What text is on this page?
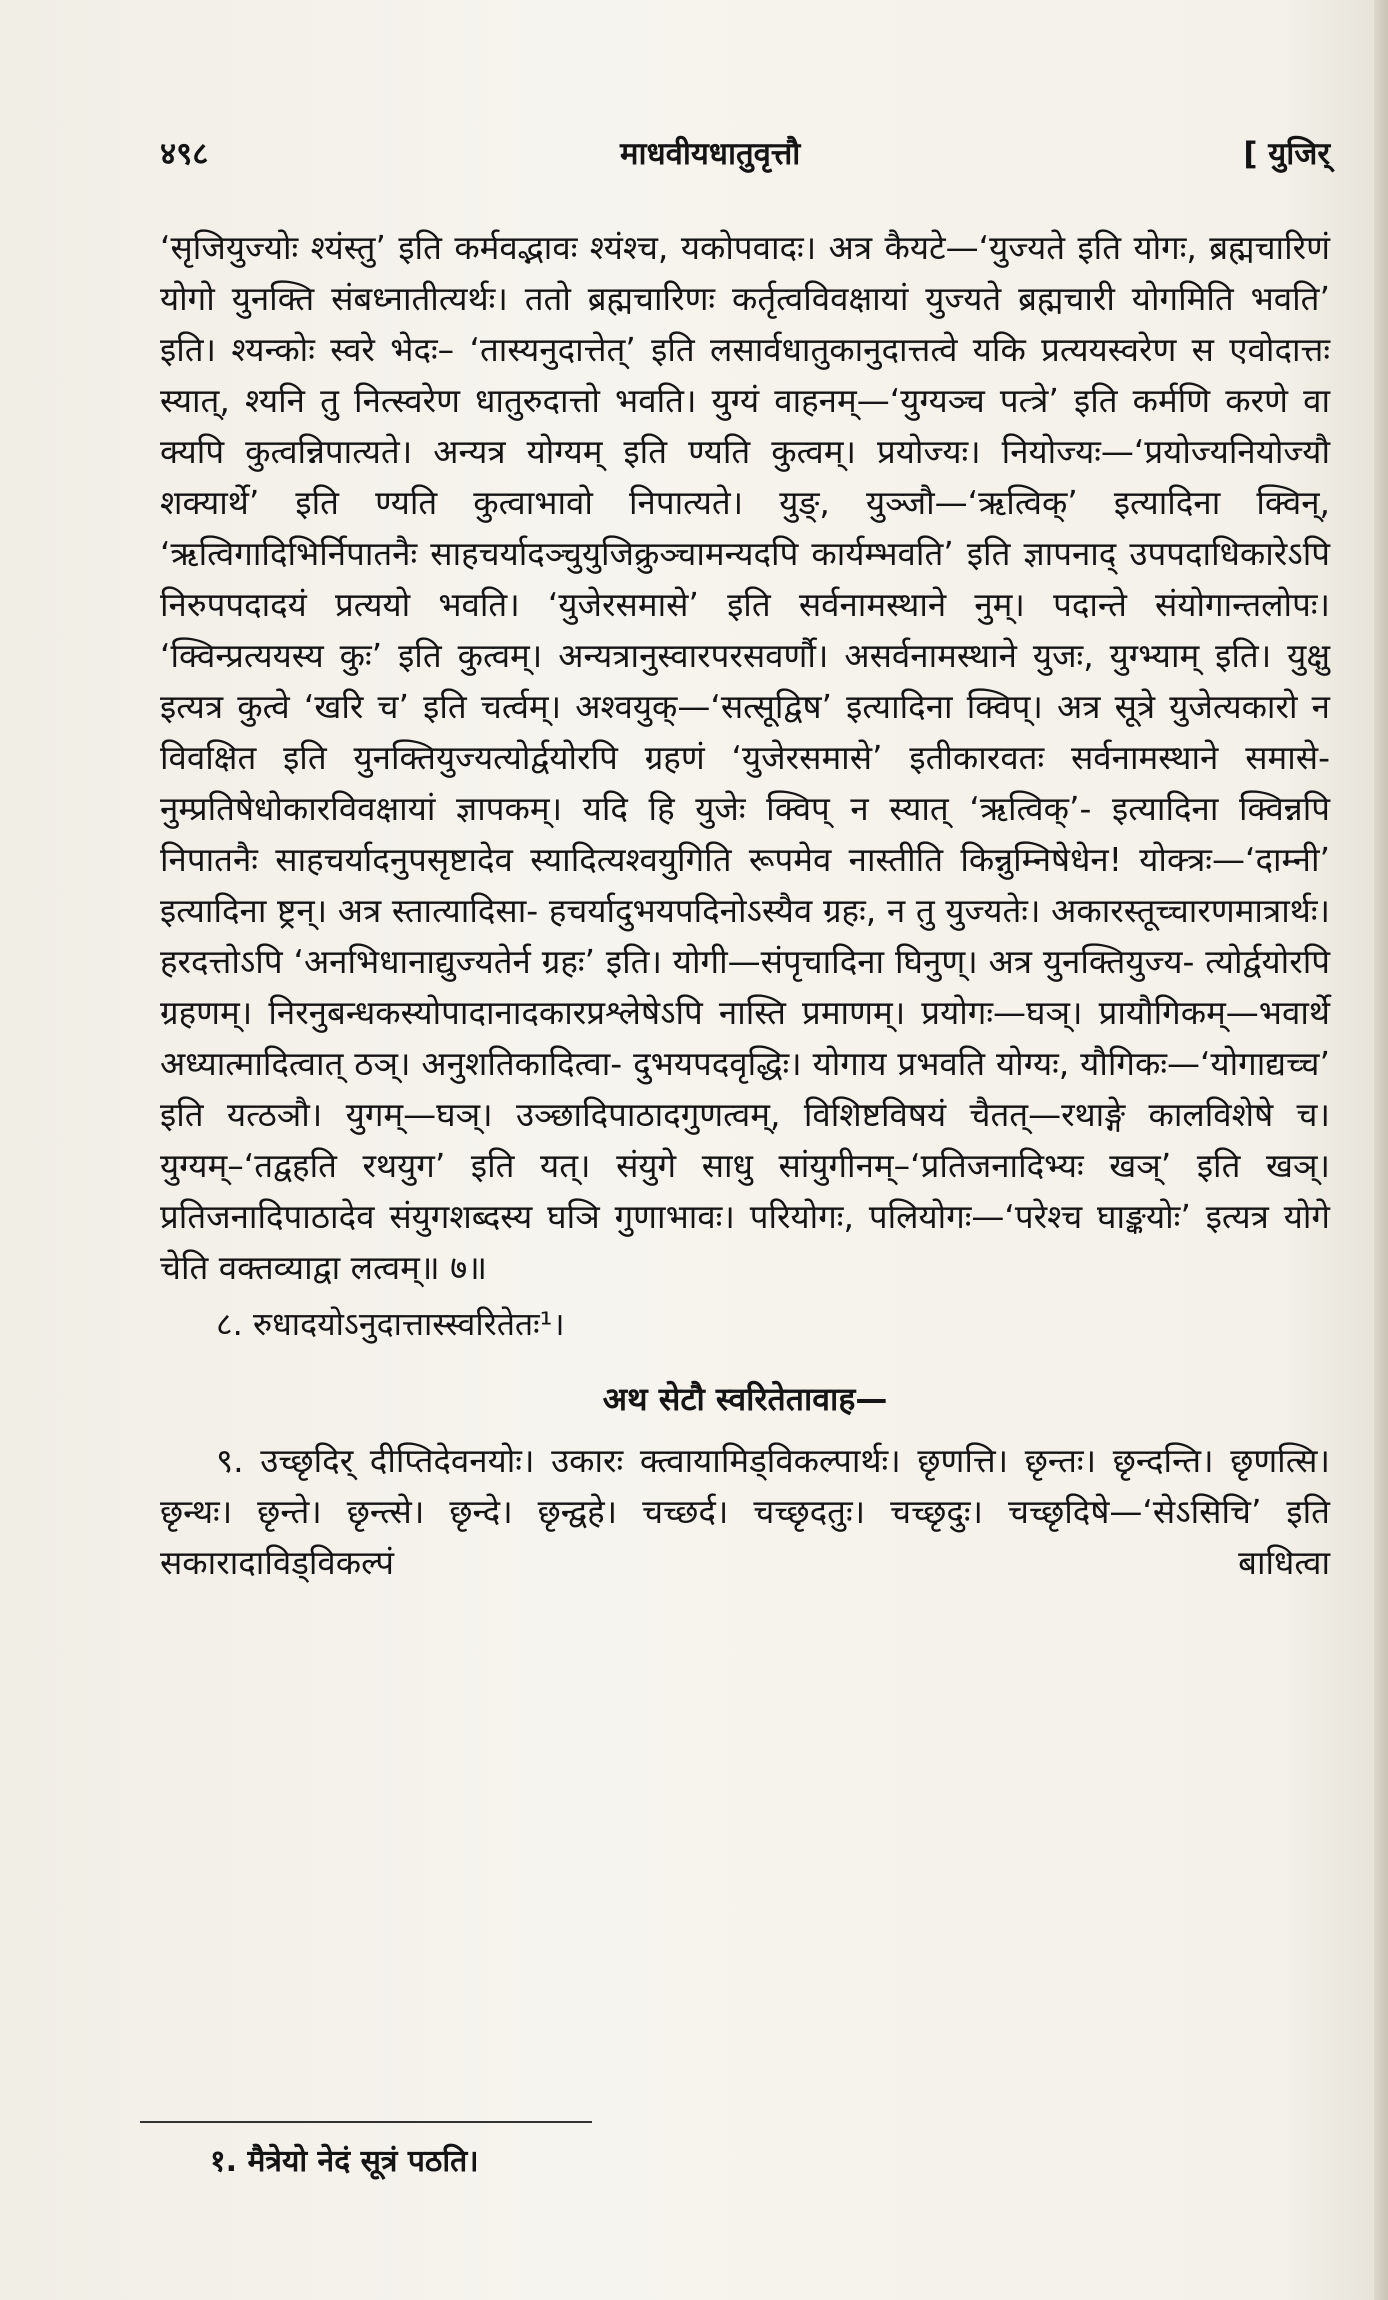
४९८	माधवीयधातुवृत्तौ	[ युजिर्

‘सृजियुज्योः श्यंस्तु’ इति कर्मवद्भावः श्यंश्च, यकोपवादः। अत्र कैयटे—‘युज्यते इति योगः, ब्रह्मचारिणं योगो युनक्ति संबध्नातीत्यर्थः। ततो ब्रह्मचारिणः कर्तृत्वविवक्षायां युज्यते ब्रह्मचारी योगमिति भवति’ इति। श्यन्कोः स्वरे भेदः– ‘तास्यनुदात्तेत्’ इति लसार्वधातुकानुदात्तत्वे यकि प्रत्ययस्वरेण स एवोदात्तः स्यात्, श्यनि तु नित्स्वरेण धातुरुदात्तो भवति। युग्यं वाहनम्—‘युग्यञ्च पत्त्रे’ इति कर्मणि करणे वा क्यपि कुत्वन्निपात्यते। अन्यत्र योग्यम् इति ण्यति कुत्वम्। प्रयोज्यः। नियोज्यः—‘प्रयोज्यनियोज्यौ शक्यार्थे’ इति ण्यति कुत्वाभावो निपात्यते। युङ्, युञ्जौ—‘ऋत्विक्’ इत्यादिना क्विन्, ‘ऋत्विगादिभिर्निपातनैः साहचर्यादञ्चुयुजिक्रुञ्चामन्यदपि कार्यम्भवति’ इति ज्ञापनाद् उपपदाधिकारेऽपि निरुपपदादयं प्रत्ययो भवति। ‘युजेरसमासे’ इति सर्वनामस्थाने नुम्। पदान्ते संयोगान्तलोपः। ‘क्विन्प्रत्ययस्य कुः’ इति कुत्वम्। अन्यत्रानुस्वारपरसवर्णौ। असर्वनामस्थाने युजः, युग्भ्याम् इति। युक्षु इत्यत्र कुत्वे ‘खरि च’ इति चर्त्वम्। अश्वयुक्—‘सत्सूद्विष’ इत्यादिना क्विप्। अत्र सूत्रे युजेत्यकारो न विवक्षित इति युनक्तियुज्यत्योर्द्वयोरपि ग्रहणं ‘युजेरसमासे’ इतीकारवतः सर्वनामस्थाने समासे- नुम्प्रतिषेधोकारविवक्षायां ज्ञापकम्। यदि हि युजेः क्विप् न स्यात् ‘ऋत्विक्’- इत्यादिना क्विन्नपि निपातनैः साहचर्यादनुपसृष्टादेव स्यादित्यश्वयुगिति रूपमेव नास्तीति किन्नुम्निषेधेन! योक्त्रः—‘दाम्नी’ इत्यादिना ष्ट्रन्। अत्र स्तात्यादिसा- हचर्यादुभयपदिनोऽस्यैव ग्रहः, न तु युज्यतेः। अकारस्तूच्चारणमात्रार्थः। हरदत्तोऽपि ‘अनभिधानाद्युज्यतेर्न ग्रहः’ इति। योगी—संपृचादिना घिनुण्। अत्र युनक्तियुज्य- त्योर्द्वयोरपि ग्रहणम्। निरनुबन्धकस्योपादानादकारप्रश्लेषेऽपि नास्ति प्रमाणम्। प्रयोगः—घञ्। प्रायौगिकम्—भवार्थे अध्यात्मादित्वात् ठञ्। अनुशतिकादित्वा- दुभयपदवृद्धिः। योगाय प्रभवति योग्यः, यौगिकः—‘योगाद्यच्च’ इति यत्ठञौ। युगम्—घञ्। उञ्छादिपाठादगुणत्वम्, विशिष्टविषयं चैतत्—रथाङ्गे कालविशेषे च। युग्यम्–‘तद्वहति रथयुग’ इति यत्। संयुगे साधु सांयुगीनम्–‘प्रतिजनादिभ्यः खञ्’ इति खञ्। प्रतिजनादिपाठादेव संयुगशब्दस्य घञि गुणाभावः। परियोगः, पलियोगः—‘परेश्च घाङ्कयोः’ इत्यत्र योगे चेति वक्तव्याद्वा लत्वम्॥ ७॥

८. रुधादयोऽनुदात्तास्स्वरितेतः¹।

अथ सेटौ स्वरितेतावाह—

९. उच्छृदिर् दीप्तिदेवनयोः। उकारः क्त्वायामिड्विकल्पार्थः। छृणत्ति। छृन्तः। छृन्दन्ति। छृणत्सि। छृन्थः। छृन्ते। छृन्त्से। छृन्दे। छृन्द्वहे। चच्छर्द। चच्छृदतुः। चच्छृदुः। चच्छृदिषे—‘सेऽसिचि’ इति सकारादाविड्विकल्पं बाधित्वा

१. मैत्रेयो नेदं सूत्रं पठति।
